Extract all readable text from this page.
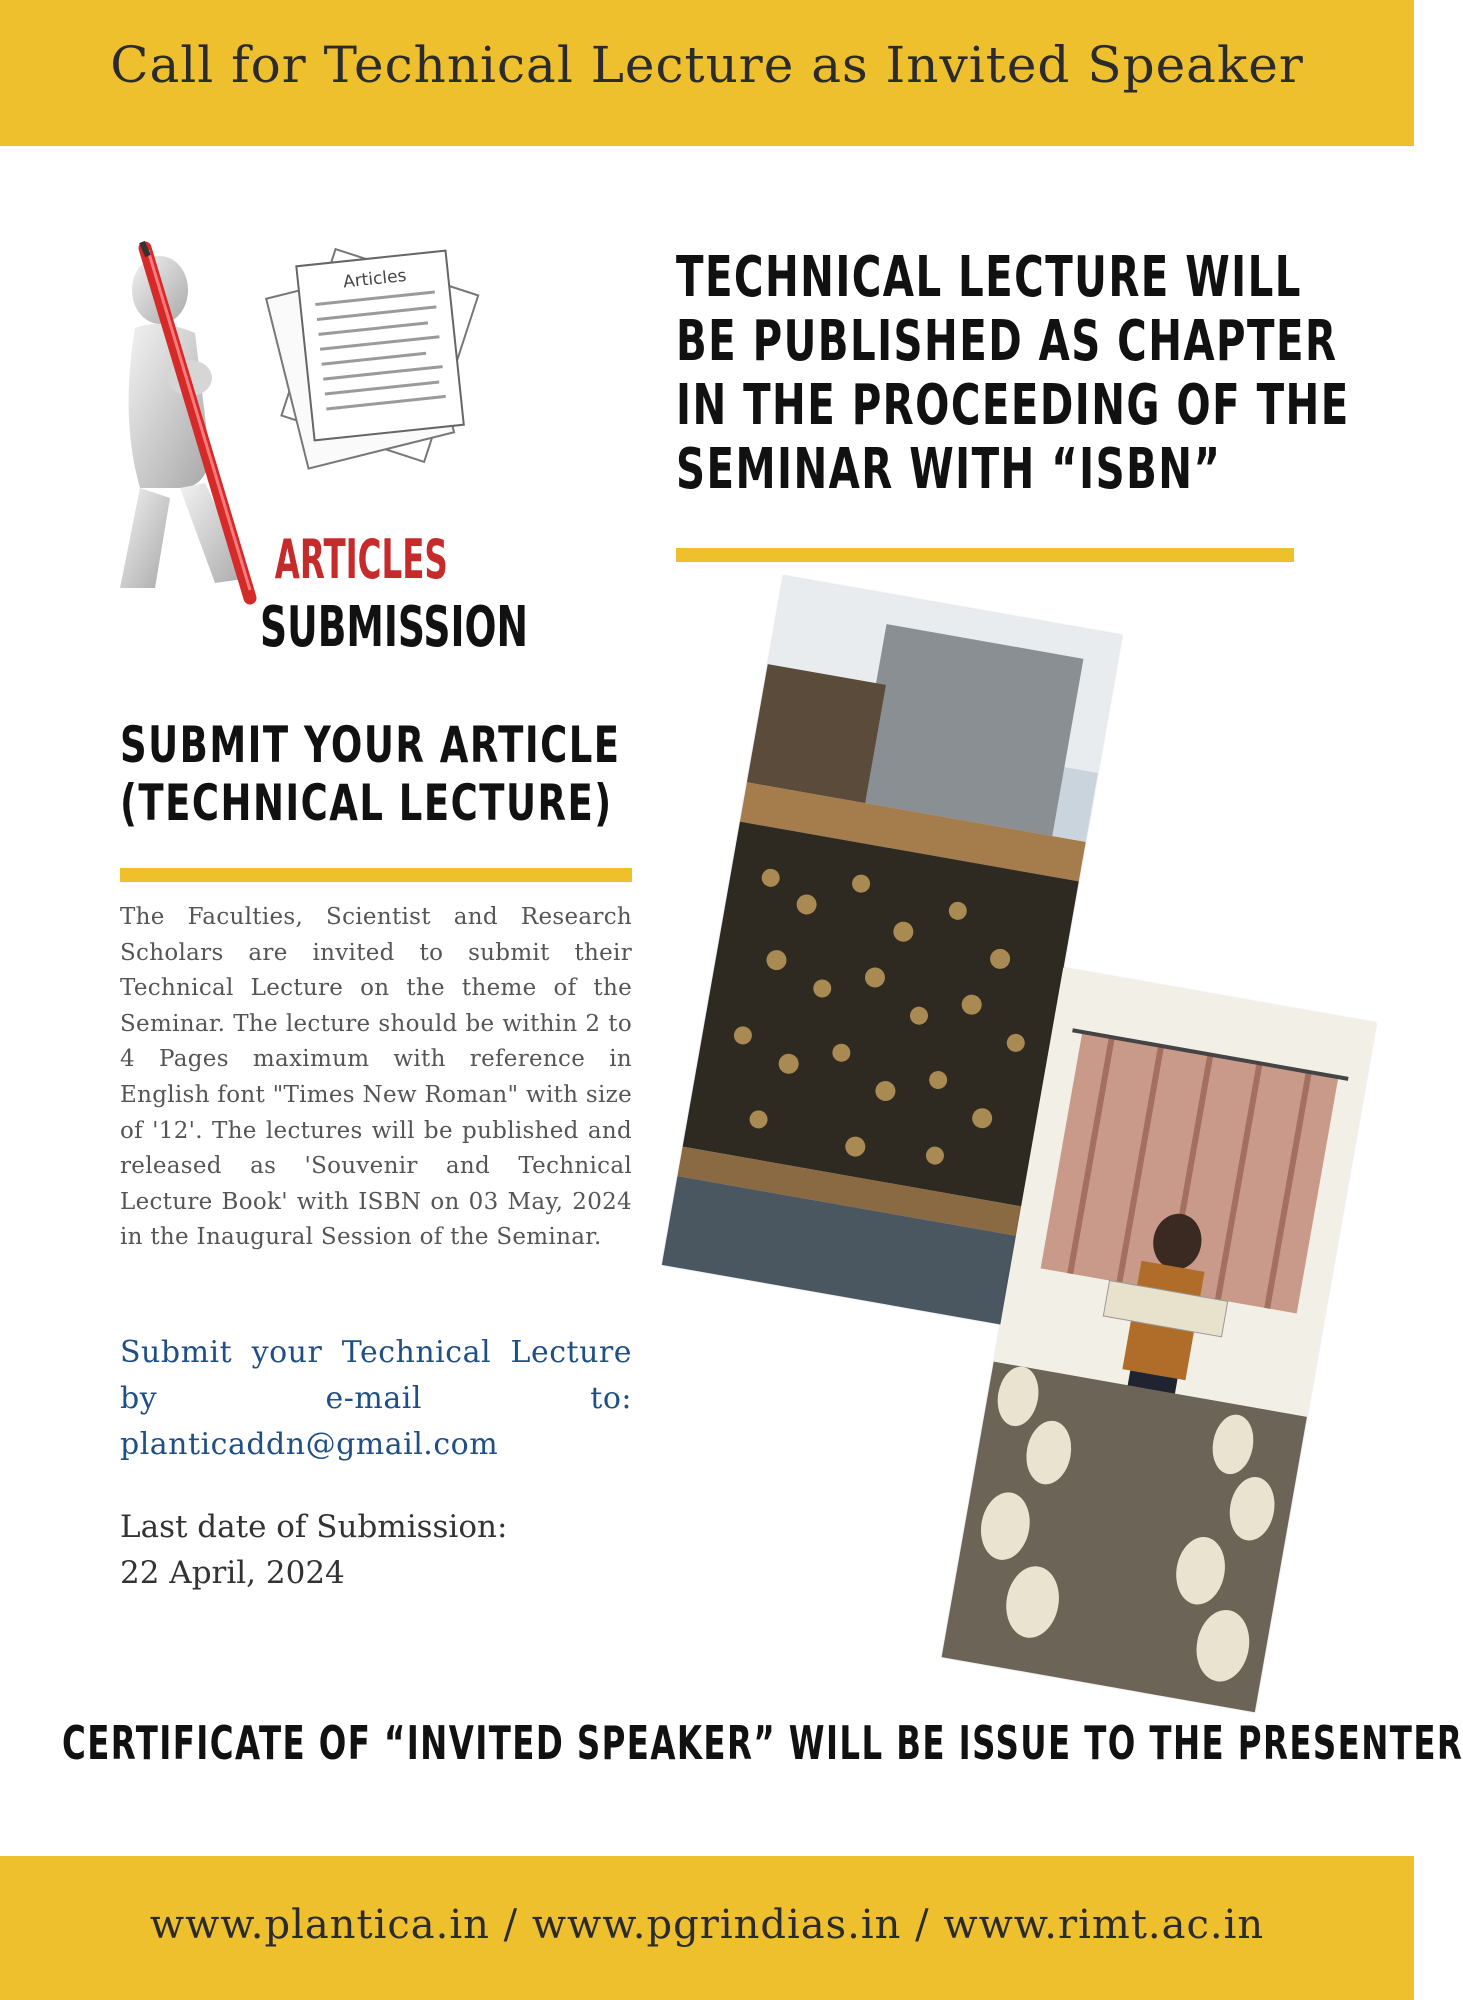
Call for Technical Lecture as Invited Speaker
Articles
ARTICLES
SUBMISSION
TECHNICAL LECTURE WILL
BE PUBLISHED AS CHAPTER
IN THE PROCEEDING OF THE
SEMINAR WITH “ISBN”
SUBMIT YOUR ARTICLE
(TECHNICAL LECTURE)
The Faculties, Scientist and Research Scholars are invited to submit their Technical Lecture on the theme of the Seminar. The lecture should be within 2 to 4 Pages maximum with reference in English font "Times New Roman" with size of '12'. The lectures will be published and released as 'Souvenir and Technical Lecture Book' with ISBN on 03 May, 2024 in the Inaugural Session of the Seminar.
Submit your Technical Lecture by e-mail to:
planticaddn@gmail.com
Last date of Submission:
22 April, 2024
CERTIFICATE OF “INVITED SPEAKER” WILL BE ISSUE TO THE PRESENTER
www.plantica.in / www.pgrindias.in / www.rimt.ac.in
